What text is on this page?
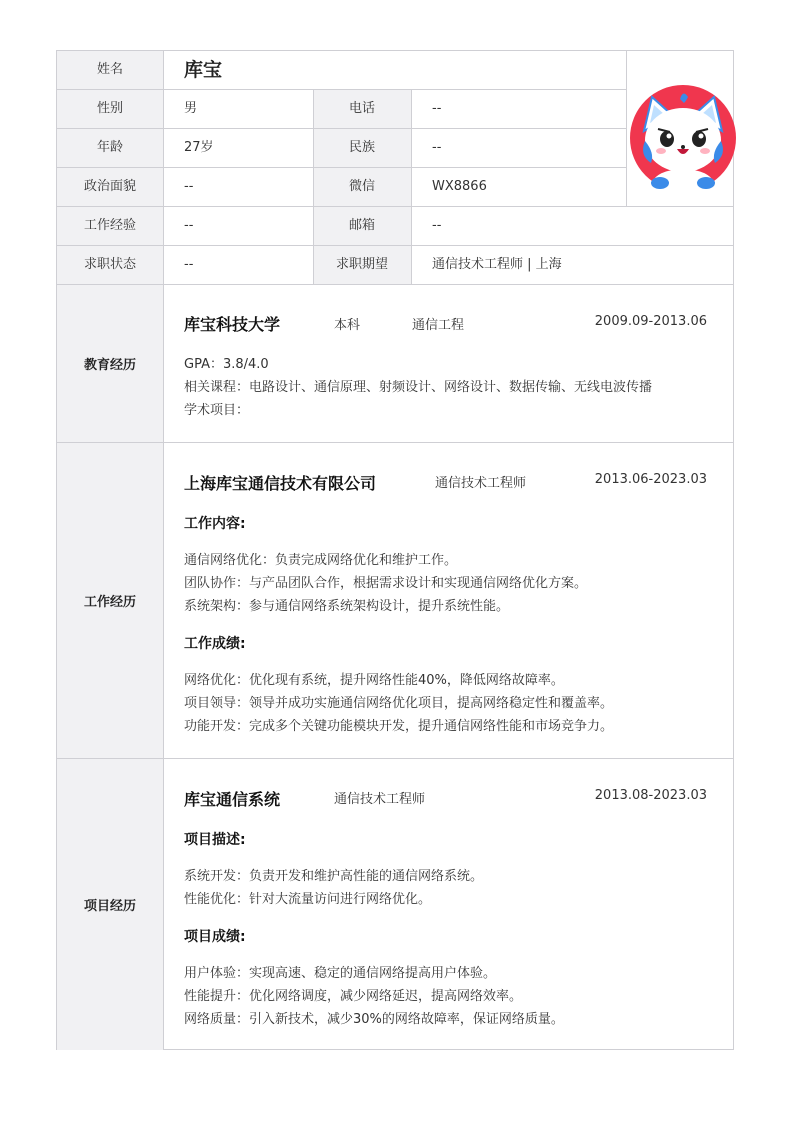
姓名	库宝
性别	男	电话	--
年龄	27岁	民族	--
政治面貌	--	微信	WX8866
工作经验	--	邮箱	--
求职状态	--	求职期望	通信技术工程师 | 上海
教育经历
库宝科技大学	本科	通信工程	2009.09-2013.06
GPA：3.8/4.0
相关课程：电路设计、通信原理、射频设计、网络设计、数据传输、无线电波传播
学术项目：
工作经历
上海库宝通信技术有限公司	通信技术工程师	2013.06-2023.03
工作内容:
通信网络优化：负责完成网络优化和维护工作。
团队协作：与产品团队合作，根据需求设计和实现通信网络优化方案。
系统架构：参与通信网络系统架构设计，提升系统性能。
工作成绩:
网络优化：优化现有系统，提升网络性能40%，降低网络故障率。
项目领导：领导并成功实施通信网络优化项目，提高网络稳定性和覆盖率。
功能开发：完成多个关键功能模块开发，提升通信网络性能和市场竞争力。
项目经历
库宝通信系统	通信技术工程师	2013.08-2023.03
项目描述:
系统开发：负责开发和维护高性能的通信网络系统。
性能优化：针对大流量访问进行网络优化。
项目成绩:
用户体验：实现高速、稳定的通信网络提高用户体验。
性能提升：优化网络调度，减少网络延迟，提高网络效率。
网络质量：引入新技术，减少30%的网络故障率，保证网络质量。
